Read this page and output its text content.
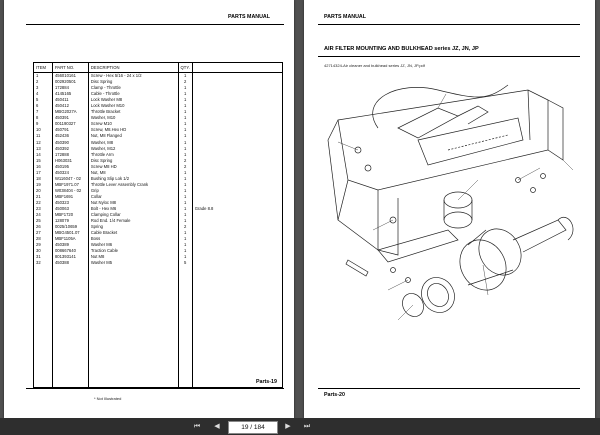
PARTS MANUAL
ITEM	PART NO.	DESCRIPTION	QTY.	
1	456010161	Screw - Hex 5/16 - 24 x 1/2	1	
2	002920501	Disc Spring	2	
3	172884	Clamp - Throttle	1	
4	4145165	Cable - Throttle	1	
5	450411	Lock Washer M8	1	
6	450412	Lock Washer M10	1	
7	MBG2027A	Throttle Bracket	1	
8	450391	Washer, M10	1	
9	001190327	Screw M10	1	
10	450791	Screw, M8.Hex HD	1	
11	452436	Nut, M8 Flanged	1	
12	450390	Washer, M8	1	
13	450392	Washer, M12	1	
14	172888	Throttle Arm	1	
15	H063031	Disc Spring	2	
16	450195	Screw M8 HD	2	
17	450324	Nut, M8	1	
18	W116047 - 02	Bushing Slip Lok 1/2	1	
19	MBF1971.07	Throttle Lever Assembly Crank	1	
20	W038404 - 02	Grip	1	
21	MBF1691	Collar	1	
22	450323	Nut Nyloc M8	1	
23	450063	Bolt - Hex M6	1	Grade 8.8
24	MBF1720	Clamping Collar	1	
25	128079	Rod End. 1/4 Female	1	
26	0025/10659	Spring	2	
27	MBG4501.07	Cable Bracket	1	
28	MBF1105A	Boss	1	
29	450389	Washer M6	1	
30	008667640	Traction Cable	1	
31	801393141	Nut M8	1	
32	450388	Washer M5	5	

* Not Illustrated
Parts-19
PARTS MANUAL
AIR FILTER MOUNTING AND BULKHEAD series JZ, JN, JP
42714324-Air cleaner and bulkhead series JZ, JN, JP.pdf
Parts-20
⏮	◀	19 / 184	▶	⏭
